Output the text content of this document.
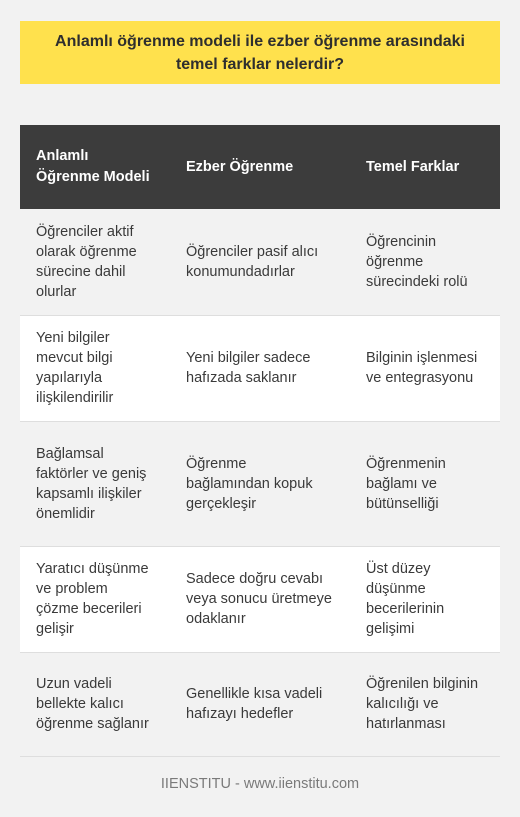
Anlamlı öğrenme modeli ile ezber öğrenme arasındaki temel farklar nelerdir?
Anlamlı Öğrenme Modeli	Ezber Öğrenme	Temel Farklar
Öğrenciler aktif olarak öğrenme sürecine dahil olurlar	Öğrenciler pasif alıcı konumundadırlar	Öğrencinin öğrenme sürecindeki rolü
Yeni bilgiler mevcut bilgi yapılarıyla ilişkilendirilir	Yeni bilgiler sadece hafızada saklanır	Bilginin işlenmesi ve entegrasyonu
Bağlamsal faktörler ve geniş kapsamlı ilişkiler önemlidir	Öğrenme bağlamından kopuk gerçekleşir	Öğrenmenin bağlamı ve bütünselliği
Yaratıcı düşünme ve problem çözme becerileri gelişir	Sadece doğru cevabı veya sonucu üretmeye odaklanır	Üst düzey düşünme becerilerinin gelişimi
Uzun vadeli bellekte kalıcı öğrenme sağlanır	Genellikle kısa vadeli hafızayı hedefler	Öğrenilen bilginin kalıcılığı ve hatırlanması
IIENSTITU - www.iienstitu.com
